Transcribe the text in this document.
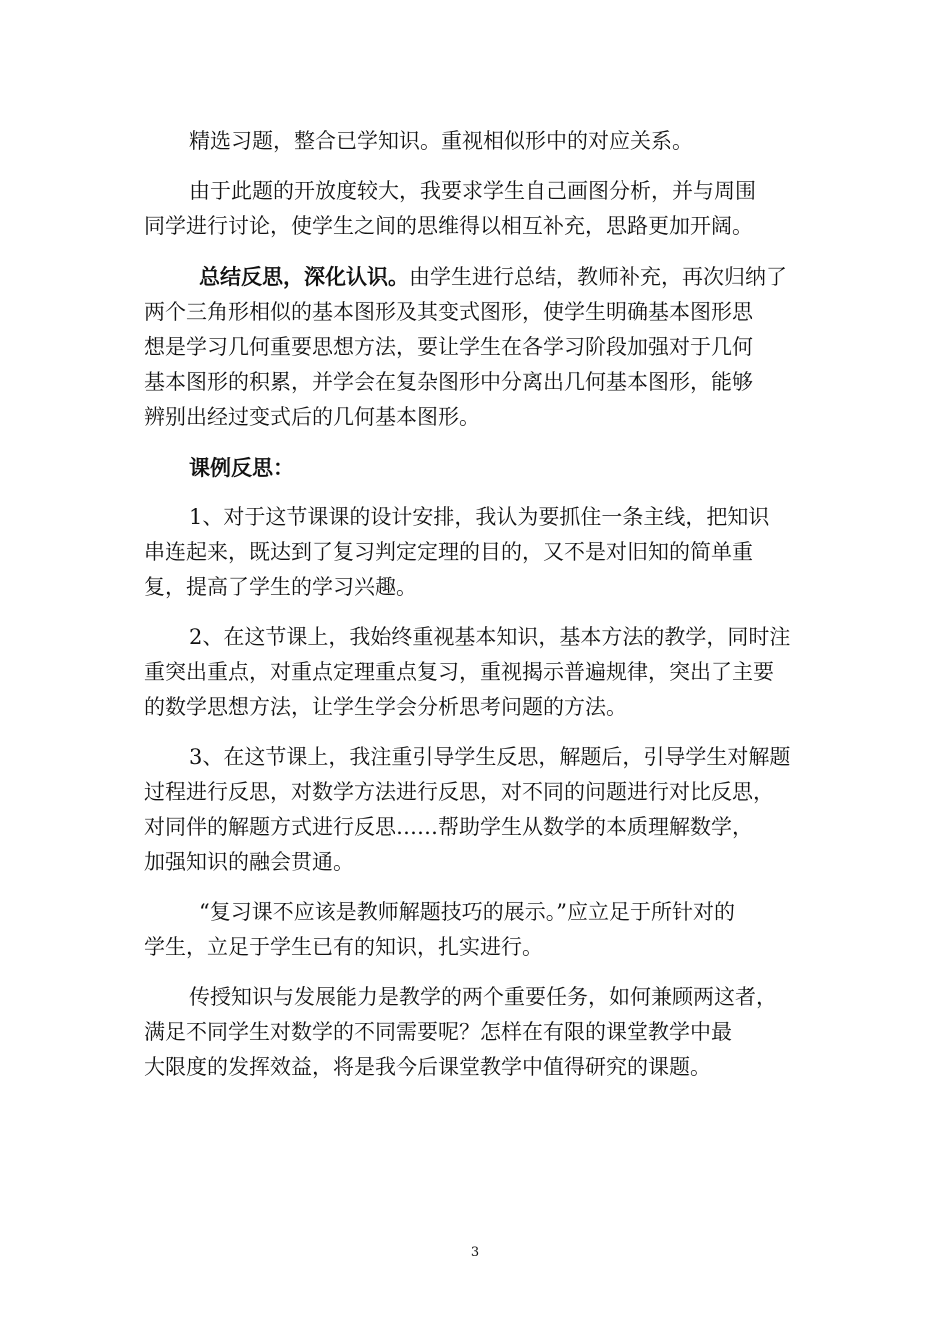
精选习题，整合已学知识。重视相似形中的对应关系。

由于此题的开放度较大，我要求学生自己画图分析，并与周围
同学进行讨论，使学生之间的思维得以相互补充，思路更加开阔。

总结反思，深化认识。由学生进行总结，教师补充，再次归纳了
两个三角形相似的基本图形及其变式图形，使学生明确基本图形思
想是学习几何重要思想方法，要让学生在各学习阶段加强对于几何
基本图形的积累，并学会在复杂图形中分离出几何基本图形，能够
辨别出经过变式后的几何基本图形。

课例反思：

1、对于这节课课的设计安排，我认为要抓住一条主线，把知识
串连起来，既达到了复习判定定理的目的，又不是对旧知的简单重
复，提高了学生的学习兴趣。

2、在这节课上，我始终重视基本知识，基本方法的教学，同时注
重突出重点，对重点定理重点复习，重视揭示普遍规律，突出了主要
的数学思想方法，让学生学会分析思考问题的方法。

3、在这节课上，我注重引导学生反思，解题后，引导学生对解题
过程进行反思，对数学方法进行反思，对不同的问题进行对比反思，
对同伴的解题方式进行反思……帮助学生从数学的本质理解数学，
加强知识的融会贯通。

“复习课不应该是教师解题技巧的展示。”应立足于所针对的
学生，立足于学生已有的知识，扎实进行。

传授知识与发展能力是教学的两个重要任务，如何兼顾两这者，
满足不同学生对数学的不同需要呢？怎样在有限的课堂教学中最
大限度的发挥效益，将是我今后课堂教学中值得研究的课题。

3
